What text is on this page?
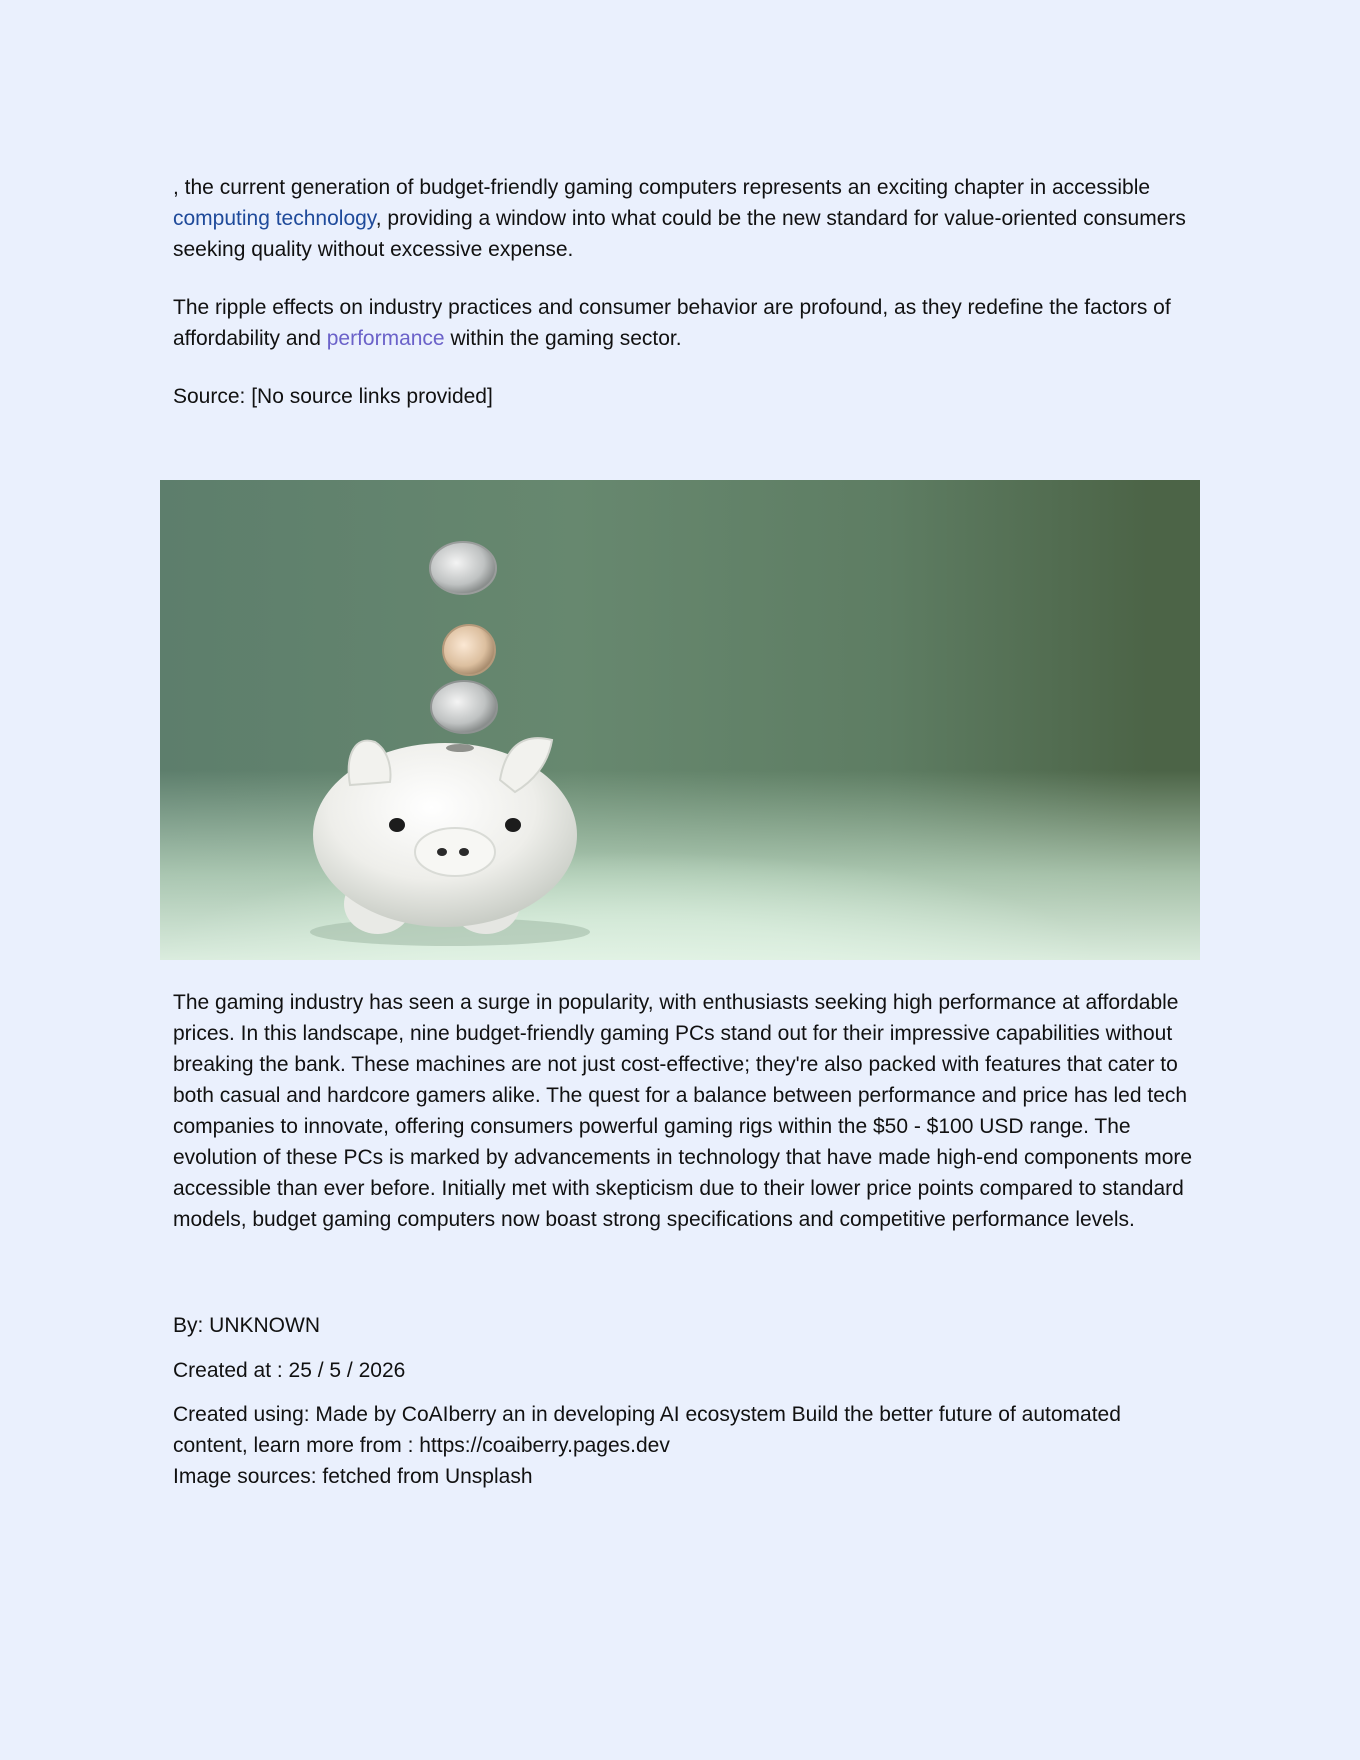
, the current generation of budget-friendly gaming computers represents an exciting chapter in accessible computing technology, providing a window into what could be the new standard for value-oriented consumers seeking quality without excessive expense.

The ripple effects on industry practices and consumer behavior are profound, as they redefine the factors of affordability and performance within the gaming sector.

Source: [No source links provided]

The gaming industry has seen a surge in popularity, with enthusiasts seeking high performance at affordable prices. In this landscape, nine budget-friendly gaming PCs stand out for their impressive capabilities without breaking the bank. These machines are not just cost-effective; they're also packed with features that cater to both casual and hardcore gamers alike. The quest for a balance between performance and price has led tech companies to innovate, offering consumers powerful gaming rigs within the $50 - $100 USD range. The evolution of these PCs is marked by advancements in technology that have made high-end components more accessible than ever before. Initially met with skepticism due to their lower price points compared to standard models, budget gaming computers now boast strong specifications and competitive performance levels.

By: UNKNOWN

Created at : 25 / 5 / 2026

Created using: Made by CoAIberry an in developing AI ecosystem Build the better future of automated content, learn more from : https://coaiberry.pages.dev
Image sources: fetched from Unsplash
